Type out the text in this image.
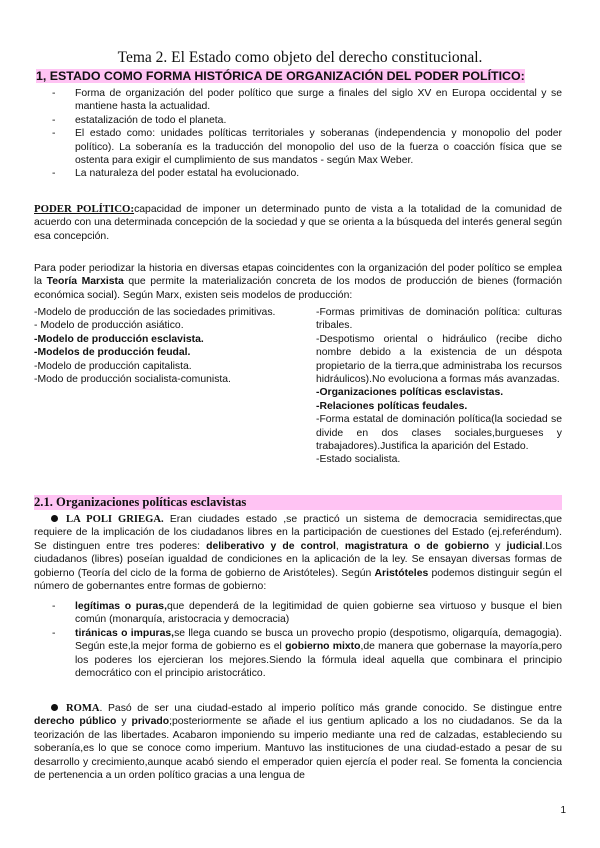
Tema 2. El Estado como objeto del derecho constitucional.
1, ESTADO COMO FORMA HISTÓRICA DE ORGANIZACIÓN DEL PODER POLÍTICO:
- Forma de organización del poder político que surge a finales del siglo XV en Europa occidental y se mantiene hasta la actualidad.
- estatalización de todo el planeta.
- El estado como: unidades políticas territoriales y soberanas (independencia y monopolio del poder político). La soberanía es la traducción del monopolio del uso de la fuerza o coacción física que se ostenta para exigir el cumplimiento de sus mandatos - según Max Weber.
- La naturaleza del poder estatal ha evolucionado.
PODER POLÍTICO:capacidad de imponer un determinado punto de vista a la totalidad de la comunidad de acuerdo con una determinada concepción de la sociedad y que se orienta a la búsqueda del interés general según esa concepción.
Para poder periodizar la historia en diversas etapas coincidentes con la organización del poder político se emplea la Teoría Marxista que permite la materialización concreta de los modos de producción de bienes (formación económica social). Según Marx, existen seis modelos de producción:
-Modelo de producción de las sociedades primitivas.
- Modelo de producción asiático.
-Modelo de producción esclavista.
-Modelos de producción feudal.
-Modelo de producción capitalista.
-Modo de producción socialista-comunista.
-Formas primitivas de dominación política: culturas tribales.
-Despotismo oriental o hidráulico (recibe dicho nombre debido a la existencia de un déspota propietario de la tierra,que administraba los recursos hidráulicos).No evoluciona a formas más avanzadas.
-Organizaciones políticas esclavistas.
-Relaciones políticas feudales.
-Forma estatal de dominación política(la sociedad se divide en dos clases sociales,burgueses y trabajadores).Justifica la aparición del Estado.
-Estado socialista.
2.1. Organizaciones políticas esclavistas
LA POLI GRIEGA. Eran ciudades estado ,se practicó un sistema de democracia semidirectas,que requiere de la implicación de los ciudadanos libres en la participación de cuestiones del Estado (ej.referéndum). Se distinguen entre tres poderes: deliberativo y de control, magistratura o de gobierno y judicial.Los ciudadanos (libres) poseían igualdad de condiciones en la aplicación de la ley. Se ensayan diversas formas de gobierno (Teoría del ciclo de la forma de gobierno de Aristóteles). Según Aristóteles podemos distinguir según el número de gobernantes entre formas de gobierno:
- legítimas o puras,que dependerá de la legitimidad de quien gobierne sea virtuoso y busque el bien común (monarquía, aristocracia y democracia)
- tiránicas o impuras,se llega cuando se busca un provecho propio (despotismo, oligarquía, demagogia). Según este,la mejor forma de gobierno es el gobierno mixto,de manera que gobernase la mayoría,pero los poderes los ejercieran los mejores.Siendo la fórmula ideal aquella que combinara el principio democrático con el principio aristocrático.
ROMA. Pasó de ser una ciudad-estado al imperio político más grande conocido. Se distingue entre derecho público y privado;posteriormente se añade el ius gentium aplicado a los no ciudadanos. Se da la teorización de las libertades. Acabaron imponiendo su imperio mediante una red de calzadas, estableciendo su soberanía,es lo que se conoce como imperium. Mantuvo las instituciones de una ciudad-estado a pesar de su desarrollo y crecimiento,aunque acabó siendo el emperador quien ejercía el poder real. Se fomenta la conciencia de pertenencia a un orden político gracias a una lengua de
1
